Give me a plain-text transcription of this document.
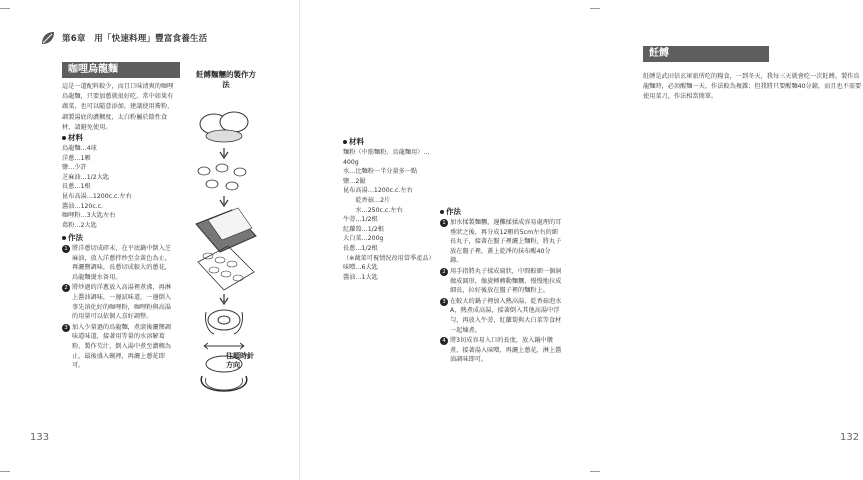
第6章　用「快速料理」豐富食養生活
咖哩烏龍麵
這是一道配料較少，而且口味清爽的咖哩烏龍麵，只要加蔥就很好吃。常中如果有蔬菜，也可以隨意添加，建議使用蕎粉，調製湯底的濃稠度，太白粉屬於陰性食材，請避免使用。
材料
烏龍麵…4球
洋蔥…1顆
鹽…少許
芝麻油…1/2大匙
長蔥…1根
昆布高湯…1200c.c.左右
醬油…120c.c.
咖哩粉…3大匙左右
葛粉…2大匙
作法
1 將洋蔥切成碎末，在平底鍋中倒入芝麻油，放入洋蔥拌炒至金黃色為止，再灑鹽調味，長蔥切成較大的蔥花，烏龍麵燙水备用。
2 將炒過的洋蔥放入高湯裡煮沸，再淋上醬油調味，一邊試味道，一邊倒入事先溶化好的咖哩粉，咖哩粉與高湯的用量可以依個人喜好調整。
3 加入少量過的烏龍麵，煮滾後灑鹽調味道味道，接著用等量的水溶解葛粉，製作芡汁，倒入湯中煮至濃稠為止，最後盛入碗裡，再灑上蔥花即可。
飪餺麵糰的製作方法
往順時針方向
133
飪餺
飪餺是武田信玄軍旅所吃的糧食，一到冬天，我每三天就會吃一次飪餺。製作烏龍麵時，必須醒麵一天，作法較為複雜；但我將只要醒麵40分鐘，而且也不需要使用菜刀，作法相當簡單。
132
材料
麵粉（中筋麵粉、烏龍麵用）…400g
水…比麵粉一半分量多一點
鹽…2撮
昆布高湯…1200c.c.左右
　　乾香菇…2片
　　水…250c.c.左右
牛蒡…1/2根
紅蘿蔔…1/2根
大白菜…200g
長蔥…1/2根
（※蔬菜可視情況改用當季產品）
味噌…6大匙
醬油…1大匙
作法
1 加水揉製麵糰，邊攤揉揉成容易處理的耳垂狀之後，再分成12顆的5cm左右的細長丸子，接著在盤子裡灑上麵粉，將丸子放在盤子裡，蓋上乾淨的抹布醒40分鐘。
2 用手指將丸子揉成扁狀，中間較細一個洞做成圓形，像旋轉轉動麵糰，慢慢地拉成細長，拉好後放在盤子裡的麵粉上。
3 在較大的鍋子裡加入熱高湯，乾香菇泡水A，熱煮成高湯，接著倒入其他高湯中浮勻，再放入牛蒡，紅蘿蔔與大白菜等食材一起煉煮。
4 將3切成容易入口的長度，放入鍋中燉煮，接著湯入味噌，再灑上蔥花，淋上醬油調味即可。
